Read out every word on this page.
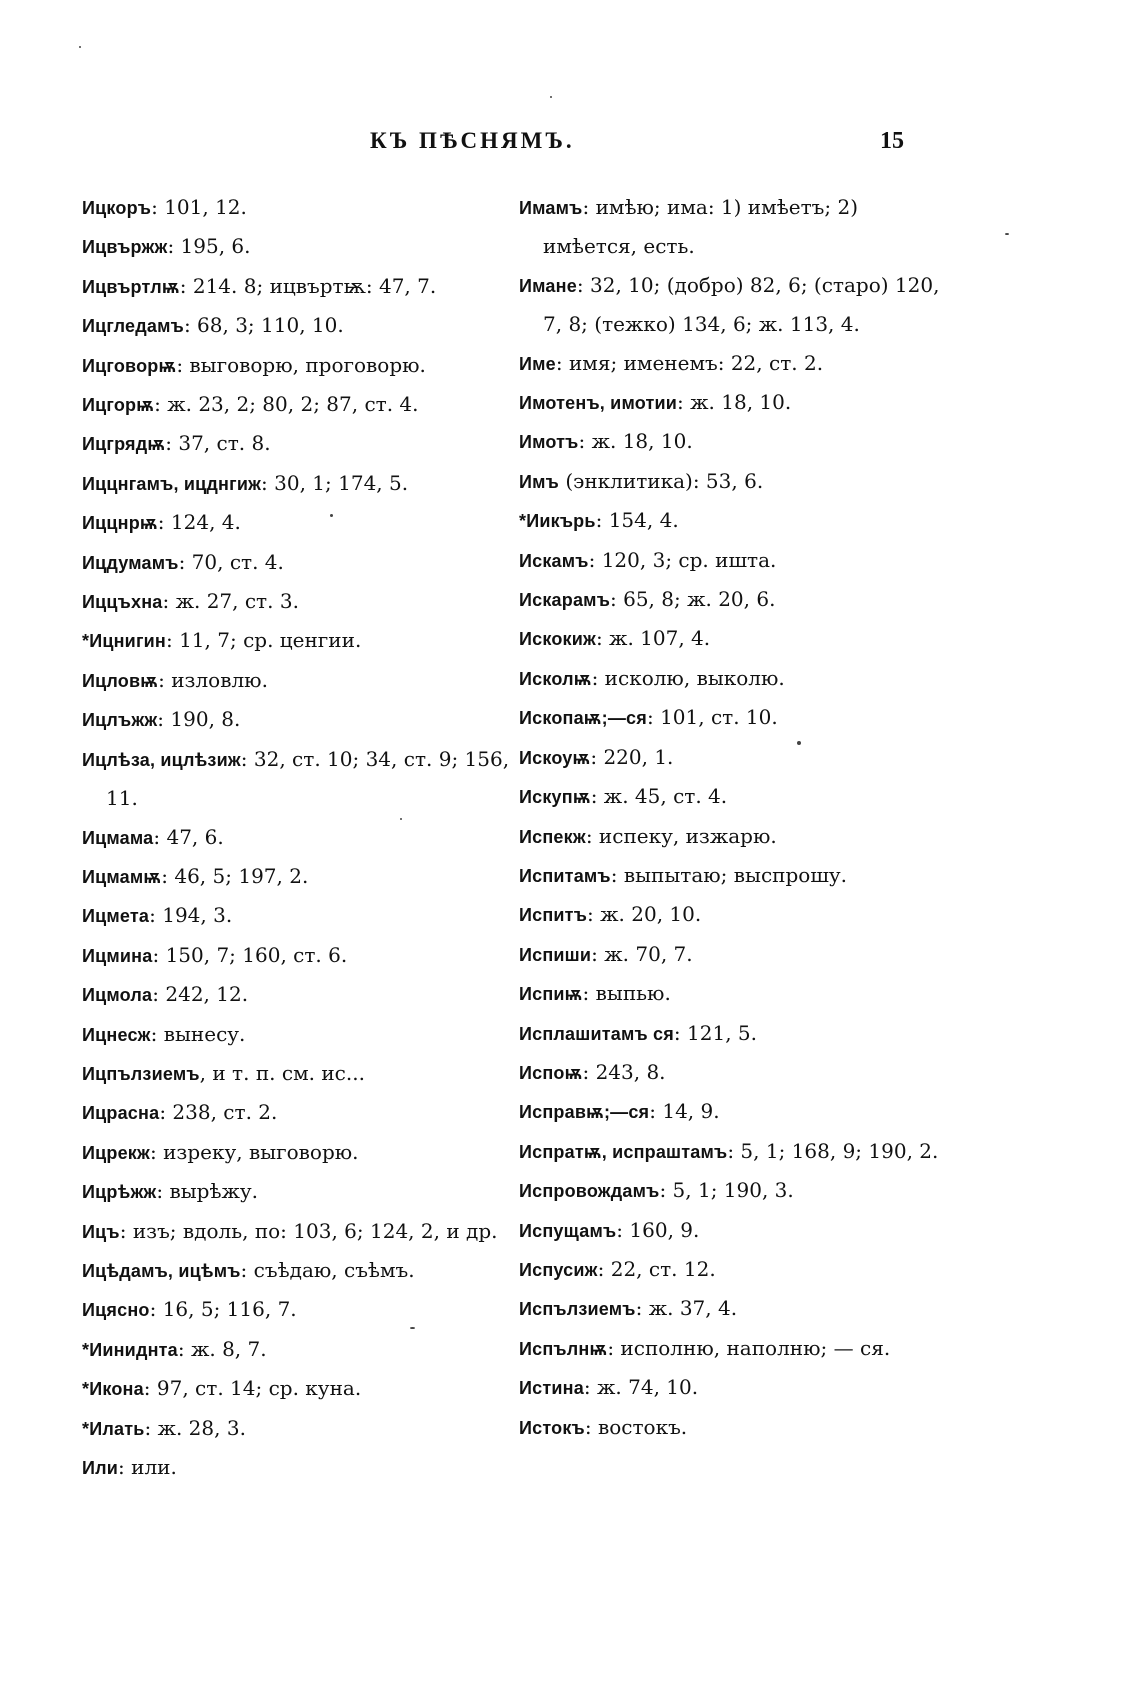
КЪ ПѢСНЯМЪ.	15
Ицкоръ: 101, 12.
Ицвържж: 195, 6.
Ицвъртлѭ: 214. 8; ицвъртѭ: 47, 7.
Ицгледамъ: 68, 3; 110, 10.
Ицговорѭ: выговорю, проговорю.
Ицгорѭ: ж. 23, 2; 80, 2; 87, ст. 4.
Ицгрядѭ: 37, ст. 8.
Иццнгамъ, ицднгиж: 30, 1; 174, 5.
Иццнрѭ: 124, 4.
Ицдумамъ: 70, ст. 4.
Иццъхна: ж. 27, ст. 3.
*Ицнигин: 11, 7; ср. ценгии.
Ицловѭ: изловлю.
Ицлъжж: 190, 8.
Ицлѣза, ицлѣзиж: 32, ст. 10; 34, ст. 9; 156, 11.
Ицмама: 47, 6.
Ицмамѭ: 46, 5; 197, 2.
Ицмета: 194, 3.
Ицмина: 150, 7; 160, ст. 6.
Ицмола: 242, 12.
Ицнесж: вынесу.
Ицпълзиемъ, и т. п. см. ис...
Ицрасна: 238, ст. 2.
Ицрекж: изреку, выговорю.
Ицрѣжж: вырѣжу.
Ицъ: изъ; вдоль, по: 103, 6; 124, 2, и др.
Ицѣдамъ, ицѣмъ: съѣдаю, съѣмъ.
Ицясно: 16, 5; 116, 7.
*Ииниднта: ж. 8, 7.
*Икона: 97, ст. 14; ср. куна.
*Илать: ж. 28, 3.
Или: или.
Имамъ: имѣю; има: 1) имѣетъ; 2) имѣется, есть.
Имане: 32, 10; (добро) 82, 6; (старо) 120, 7, 8; (тежко) 134, 6; ж. 113, 4.
Име: имя; именемъ: 22, ст. 2.
Имотенъ, имотии: ж. 18, 10.
Имотъ: ж. 18, 10.
Имъ (энклитика): 53, 6.
*Иикърь: 154, 4.
Искамъ: 120, 3; ср. ишта.
Искарамъ: 65, 8; ж. 20, 6.
Искокиж: ж. 107, 4.
Исколѭ: исколю, выколю.
Ископаѭ;—ся: 101, ст. 10.
Искоуѭ: 220, 1.
Искупѭ: ж. 45, ст. 4.
Испекж: испеку, изжарю.
Испитамъ: выпытаю; выспрошу.
Испитъ: ж. 20, 10.
Испиши: ж. 70, 7.
Испиѭ: выпью.
Исплашитамъ ся: 121, 5.
Испоѭ: 243, 8.
Исправѭ;—ся: 14, 9.
Испратѭ, испраштамъ: 5, 1; 168, 9; 190, 2.
Испровождамъ: 5, 1; 190, 3.
Испущамъ: 160, 9.
Испусиж: 22, ст. 12.
Испълзиемъ: ж. 37, 4.
Испълнѭ: исполню, наполню; — ся.
Истина: ж. 74, 10.
Истокъ: востокъ.
